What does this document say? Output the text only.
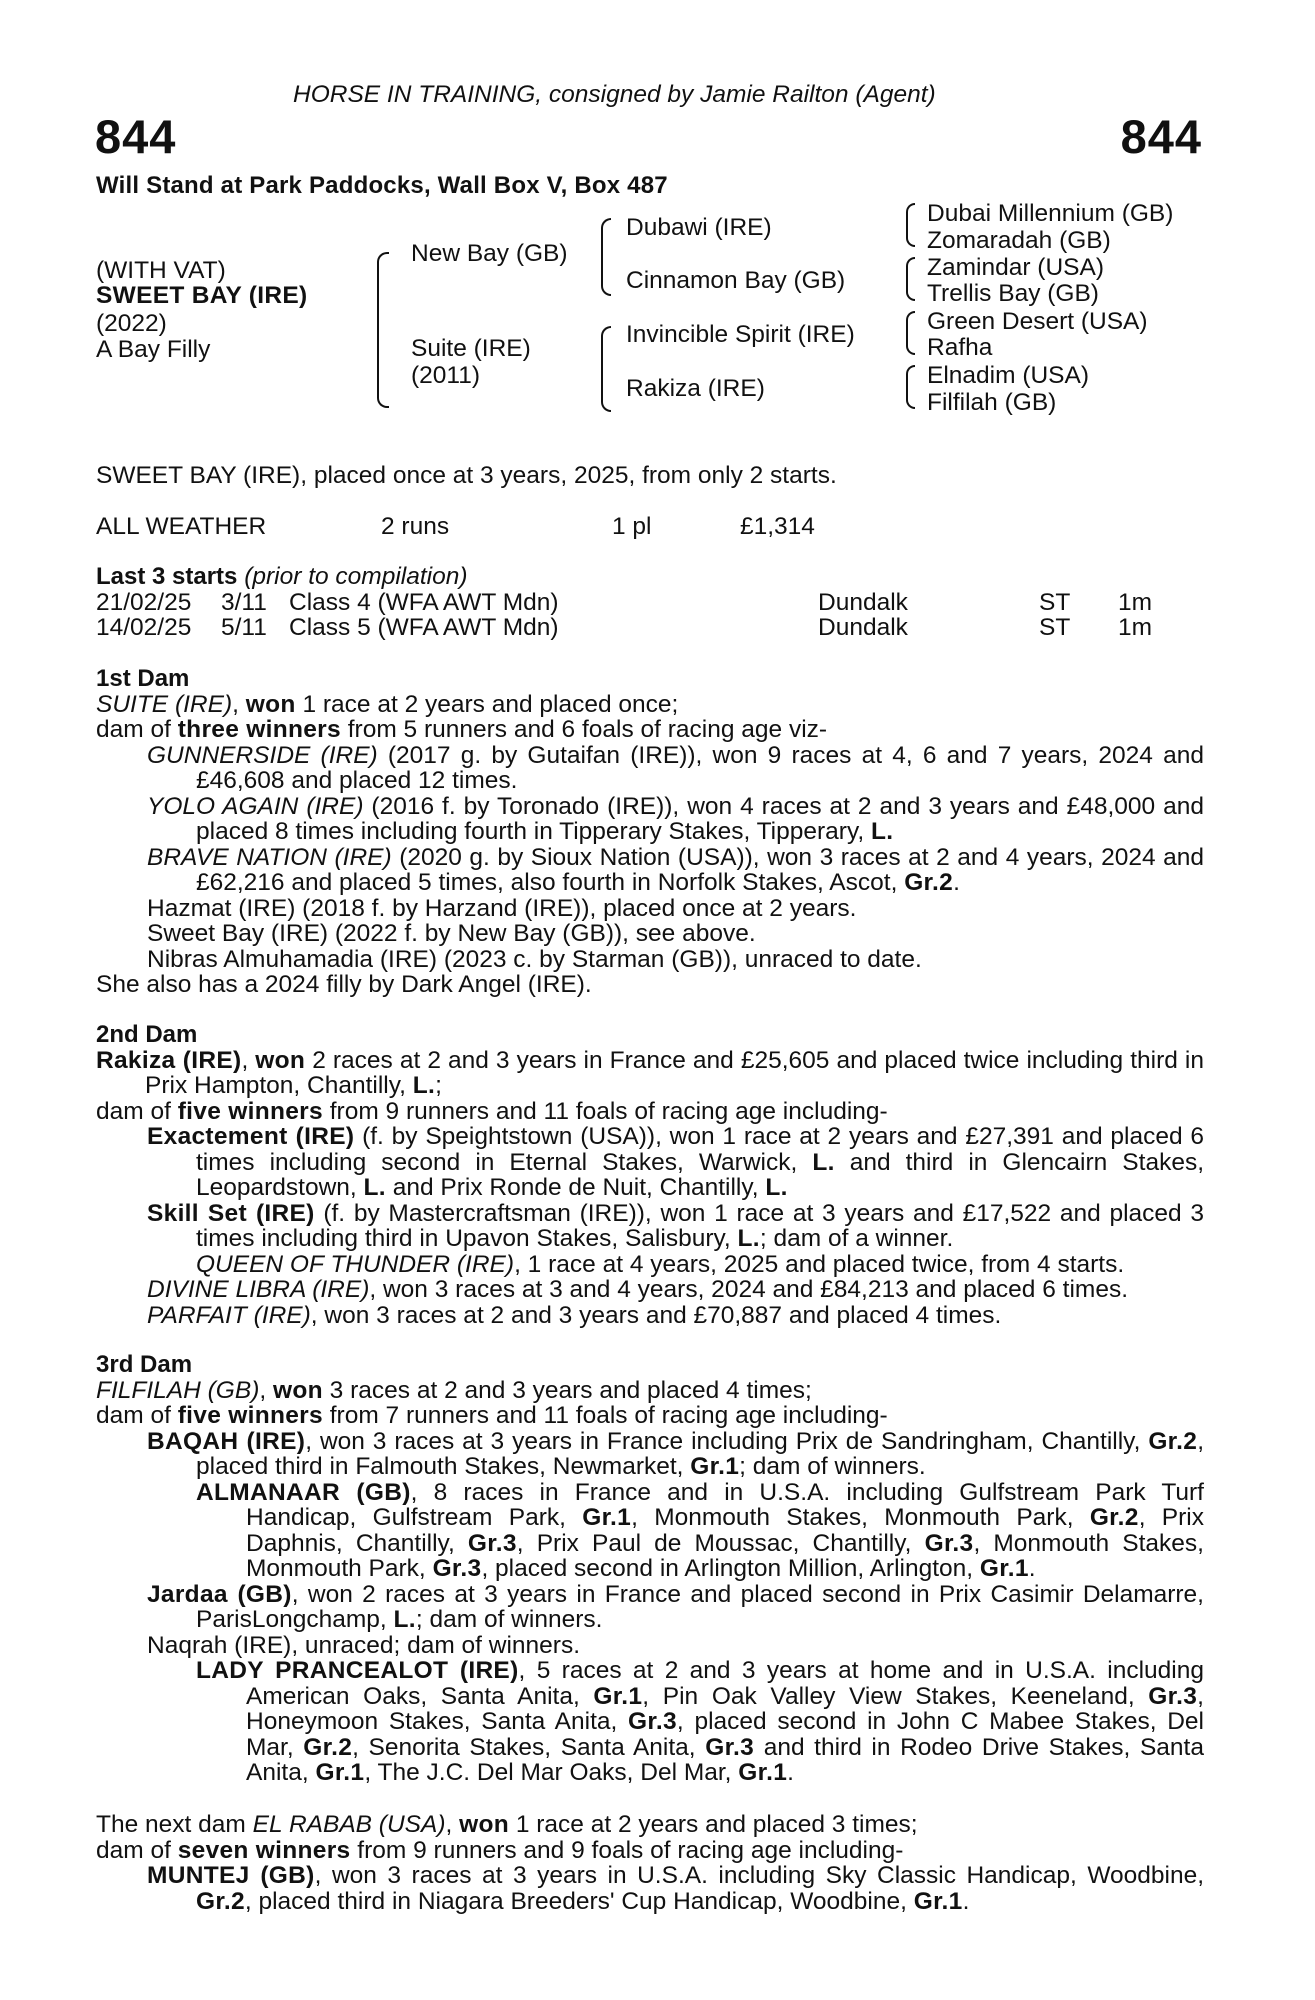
HORSE IN TRAINING, consigned by Jamie Railton (Agent)
844	844
Will Stand at Park Paddocks, Wall Box V, Box 487
(WITH VAT)
SWEET BAY (IRE)
(2022)
A Bay Filly
New Bay (GB)
Suite (IRE)
(2011)
Dubawi (IRE)
Cinnamon Bay (GB)
Invincible Spirit (IRE)
Rakiza (IRE)
Dubai Millennium (GB)
Zomaradah (GB)
Zamindar (USA)
Trellis Bay (GB)
Green Desert (USA)
Rafha
Elnadim (USA)
Filfilah (GB)
SWEET BAY (IRE), placed once at 3 years, 2025, from only 2 starts.
ALL WEATHER	2 runs	1 pl	£1,314
Last 3 starts (prior to compilation)
21/02/25 3/11 Class 4 (WFA AWT Mdn)	Dundalk	ST 1m
14/02/25 5/11 Class 5 (WFA AWT Mdn)	Dundalk	ST 1m

1st Dam

SUITE (IRE), won 1 race at 2 years and placed once;

dam of three winners from 5 runners and 6 foals of racing age viz-

GUNNERSIDE (IRE) (2017 g. by Gutaifan (IRE)), won 9 races at 4, 6 and 7 years, 2024 and £46,608 and placed 12 times.

YOLO AGAIN (IRE) (2016 f. by Toronado (IRE)), won 4 races at 2 and 3 years and £48,000 and placed 8 times including fourth in Tipperary Stakes, Tipperary, L.

BRAVE NATION (IRE) (2020 g. by Sioux Nation (USA)), won 3 races at 2 and 4 years, 2024 and £62,216 and placed 5 times, also fourth in Norfolk Stakes, Ascot, Gr.2.

Hazmat (IRE) (2018 f. by Harzand (IRE)), placed once at 2 years.

Sweet Bay (IRE) (2022 f. by New Bay (GB)), see above.

Nibras Almuhamadia (IRE) (2023 c. by Starman (GB)), unraced to date.

She also has a 2024 filly by Dark Angel (IRE).

2nd Dam

Rakiza (IRE), won 2 races at 2 and 3 years in France and £25,605 and placed twice including third in Prix Hampton, Chantilly, L.;

dam of five winners from 9 runners and 11 foals of racing age including-

Exactement (IRE) (f. by Speightstown (USA)), won 1 race at 2 years and £27,391 and placed 6 times including second in Eternal Stakes, Warwick, L. and third in Glencairn Stakes, Leopardstown, L. and Prix Ronde de Nuit, Chantilly, L.

Skill Set (IRE) (f. by Mastercraftsman (IRE)), won 1 race at 3 years and £17,522 and placed 3 times including third in Upavon Stakes, Salisbury, L.; dam of a winner.

QUEEN OF THUNDER (IRE), 1 race at 4 years, 2025 and placed twice, from 4 starts.

DIVINE LIBRA (IRE), won 3 races at 3 and 4 years, 2024 and £84,213 and placed 6 times.

PARFAIT (IRE), won 3 races at 2 and 3 years and £70,887 and placed 4 times.

3rd Dam

FILFILAH (GB), won 3 races at 2 and 3 years and placed 4 times;

dam of five winners from 7 runners and 11 foals of racing age including-

BAQAH (IRE), won 3 races at 3 years in France including Prix de Sandringham, Chantilly, Gr.2, placed third in Falmouth Stakes, Newmarket, Gr.1; dam of winners.

ALMANAAR (GB), 8 races in France and in U.S.A. including Gulfstream Park Turf Handicap, Gulfstream Park, Gr.1, Monmouth Stakes, Monmouth Park, Gr.2, Prix Daphnis, Chantilly, Gr.3, Prix Paul de Moussac, Chantilly, Gr.3, Monmouth Stakes, Monmouth Park, Gr.3, placed second in Arlington Million, Arlington, Gr.1.

Jardaa (GB), won 2 races at 3 years in France and placed second in Prix Casimir Delamarre, ParisLongchamp, L.; dam of winners.

Naqrah (IRE), unraced; dam of winners.

LADY PRANCEALOT (IRE), 5 races at 2 and 3 years at home and in U.S.A. including American Oaks, Santa Anita, Gr.1, Pin Oak Valley View Stakes, Keeneland, Gr.3, Honeymoon Stakes, Santa Anita, Gr.3, placed second in John C Mabee Stakes, Del Mar, Gr.2, Senorita Stakes, Santa Anita, Gr.3 and third in Rodeo Drive Stakes, Santa Anita, Gr.1, The J.C. Del Mar Oaks, Del Mar, Gr.1.

The next dam EL RABAB (USA), won 1 race at 2 years and placed 3 times;

dam of seven winners from 9 runners and 9 foals of racing age including-

MUNTEJ (GB), won 3 races at 3 years in U.S.A. including Sky Classic Handicap, Woodbine, Gr.2, placed third in Niagara Breeders' Cup Handicap, Woodbine, Gr.1.
